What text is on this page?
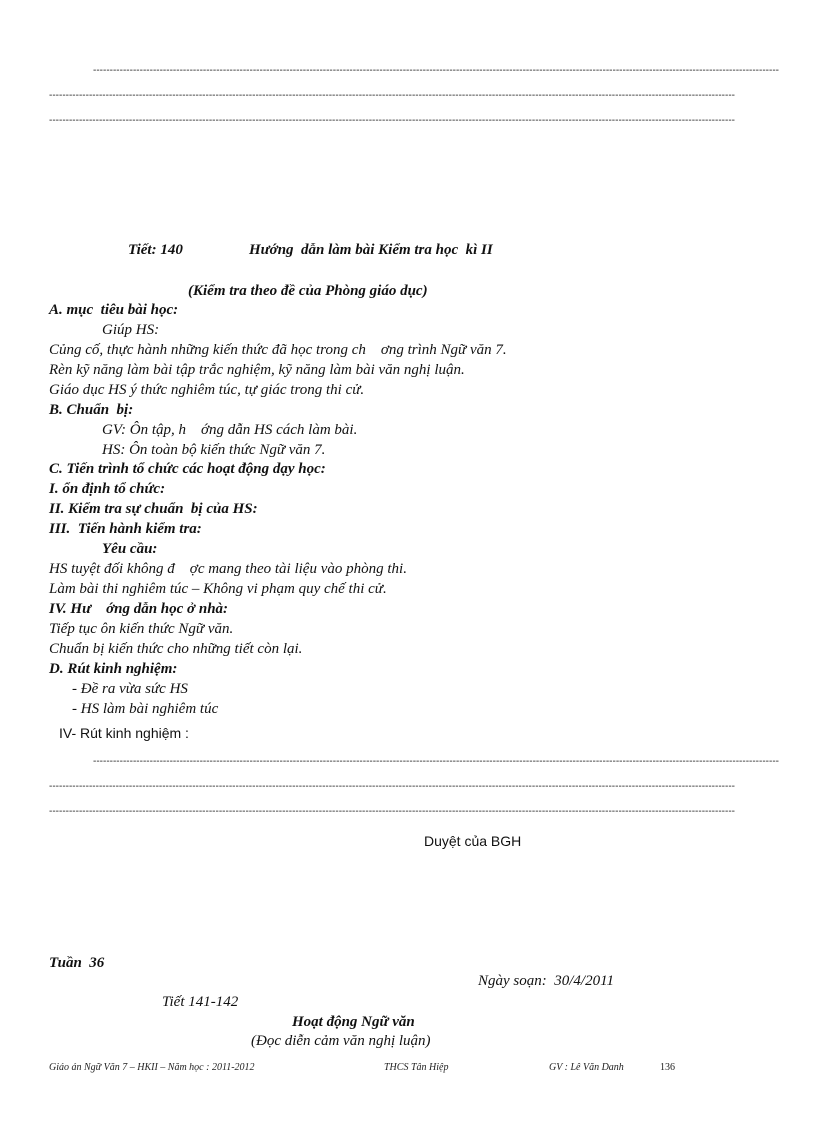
--------------------------------------------------------------------------------------------------------------------------------------------------------------------------------------------------------------
--------------------------------------------------------------------------------------------------------------------------------------------------------------------------------------------------------------
--------------------------------------------------------------------------------------------------------------------------------------------------------------------------------------------------------------
Tiết: 140	Hướng  dẫn làm bài Kiểm tra học  kì II
(Kiểm tra theo đề của Phòng giáo dục)
A. mục  tiêu bài học:
Giúp HS:
Củng cố, thực hành những kiến thức đã học trong ch    ơng trình Ngữ văn 7.
Rèn kỹ năng làm bài tập trắc nghiệm, kỹ năng làm bài văn nghị luận.
Giáo dục HS ý thức nghiêm túc, tự giác trong thi cử.
B. Chuẩn  bị:
GV: Ôn tập, h    ớng dẫn HS cách làm bài.
HS: Ôn toàn bộ kiến thức Ngữ văn 7.
C. Tiến trình tổ chức các hoạt động dạy học:
I. ổn định tổ chức:
II. Kiểm tra sự chuẩn  bị của HS:
III.  Tiến hành kiểm tra:
Yêu cầu:
HS tuyệt đối không đ    ợc mang theo tài liệu vào phòng thi.
Làm bài thi nghiêm túc – Không vi phạm quy chế thi cử.
IV. Hư    ớng dẫn học ở nhà:
Tiếp tục ôn kiến thức Ngữ văn.
Chuẩn bị kiến thức cho những tiết còn lại.
D. Rút kinh nghiệm:
- Đề ra vừa sức HS
- HS làm bài nghiêm túc
IV- Rút kinh nghiệm :
--------------------------------------------------------------------------------------------------------------------------------------------------------------------------------------------------------------
--------------------------------------------------------------------------------------------------------------------------------------------------------------------------------------------------------------
--------------------------------------------------------------------------------------------------------------------------------------------------------------------------------------------------------------
Duyệt của BGH
Tuần  36
Ngày soạn:  30/4/2011
Tiết 141-142
Hoạt động Ngữ văn
(Đọc diễn cảm văn nghị luận)
Giáo án Ngữ Văn 7 – HKII – Năm học : 2011-2012	THCS Tân Hiệp	GV : Lê Văn Danh	136
